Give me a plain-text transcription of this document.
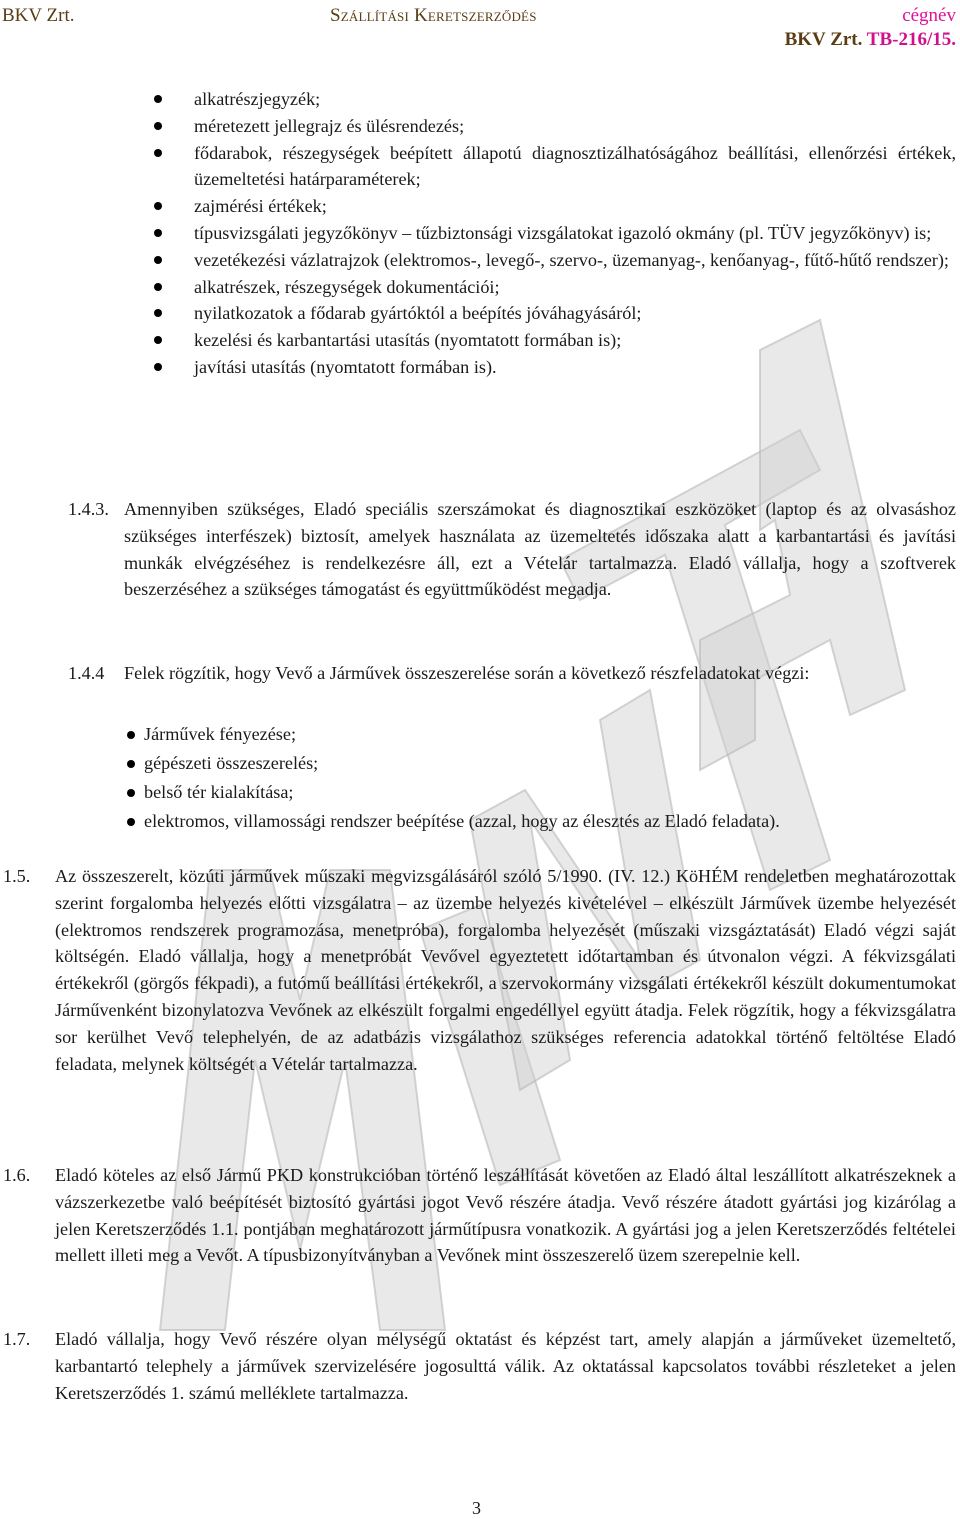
BKV Zrt.	Szállítási Keretszerződés	cégnév
BKV Zrt. TB-216/15.
alkatrészjegyzék;
méretezett jellegrajz és ülésrendezés;
fődarabok, részegységek beépített állapotú diagnosztizálhatóságához beállítási, ellenőrzési értékek, üzemeltetési határparaméterek;
zajmérési értékek;
típusvizsgálati jegyzőkönyv – tűzbiztonsági vizsgálatokat igazoló okmány (pl. TÜV jegyzőkönyv) is;
vezetékezési vázlatrajzok (elektromos-, levegő-, szervo-, üzemanyag-, kenőanyag-, fűtő-hűtő rendszer);
alkatrészek, részegységek dokumentációi;
nyilatkozatok a fődarab gyártóktól a beépítés jóváhagyásáról;
kezelési és karbantartási utasítás (nyomtatott formában is);
javítási utasítás (nyomtatott formában is).
1.4.3. Amennyiben szükséges, Eladó speciális szerszámokat és diagnosztikai eszközöket (laptop és az olvasáshoz szükséges interfészek) biztosít, amelyek használata az üzemeltetés időszaka alatt a karbantartási és javítási munkák elvégzéséhez is rendelkezésre áll, ezt a Vételár tartalmazza. Eladó vállalja, hogy a szoftverek beszerzéséhez a szükséges támogatást és együttműködést megadja.
1.4.4 Felek rögzítik, hogy Vevő a Járművek összeszerelése során a következő részfeladatokat végzi:
Járművek fényezése;
gépészeti összeszerelés;
belső tér kialakítása;
elektromos, villamossági rendszer beépítése (azzal, hogy az élesztés az Eladó feladata).
1.5. Az összeszerelt, közúti járművek műszaki megvizsgálásáról szóló 5/1990. (IV. 12.) KöHÉM rendeletben meghatározottak szerint forgalomba helyezés előtti vizsgálatra – az üzembe helyezés kivételével – elkészült Járművek üzembe helyezését (elektromos rendszerek programozása, menetpróba), forgalomba helyezését (műszaki vizsgáztatását) Eladó végzi saját költségén. Eladó vállalja, hogy a menetpróbát Vevővel egyeztetett időtartamban és útvonalon végzi. A fékvizsgálati értékekről (görgős fékpadi), a futómű beállítási értékekről, a szervokormány vizsgálati értékekről készült dokumentumokat Járművenként bizonylatozva Vevőnek az elkészült forgalmi engedéllyel együtt átadja. Felek rögzítik, hogy a fékvizsgálatra sor kerülhet Vevő telephelyén, de az adatbázis vizsgálathoz szükséges referencia adatokkal történő feltöltése Eladó feladata, melynek költségét a Vételár tartalmazza.
1.6. Eladó köteles az első Jármű PKD konstrukcióban történő leszállítását követően az Eladó által leszállított alkatrészeknek a vázszerkezetbe való beépítését biztosító gyártási jogot Vevő részére átadja. Vevő részére átadott gyártási jog kizárólag a jelen Keretszerződés 1.1. pontjában meghatározott járműtípusra vonatkozik. A gyártási jog a jelen Keretszerződés feltételei mellett illeti meg a Vevőt. A típusbizonyítványban a Vevőnek mint összeszerelő üzem szerepelnie kell.
1.7. Eladó vállalja, hogy Vevő részére olyan mélységű oktatást és képzést tart, amely alapján a járműveket üzemeltető, karbantartó telephely a járművek szervizelésére jogosulttá válik. Az oktatással kapcsolatos további részleteket a jelen Keretszerződés 1. számú melléklete tartalmazza.
3
